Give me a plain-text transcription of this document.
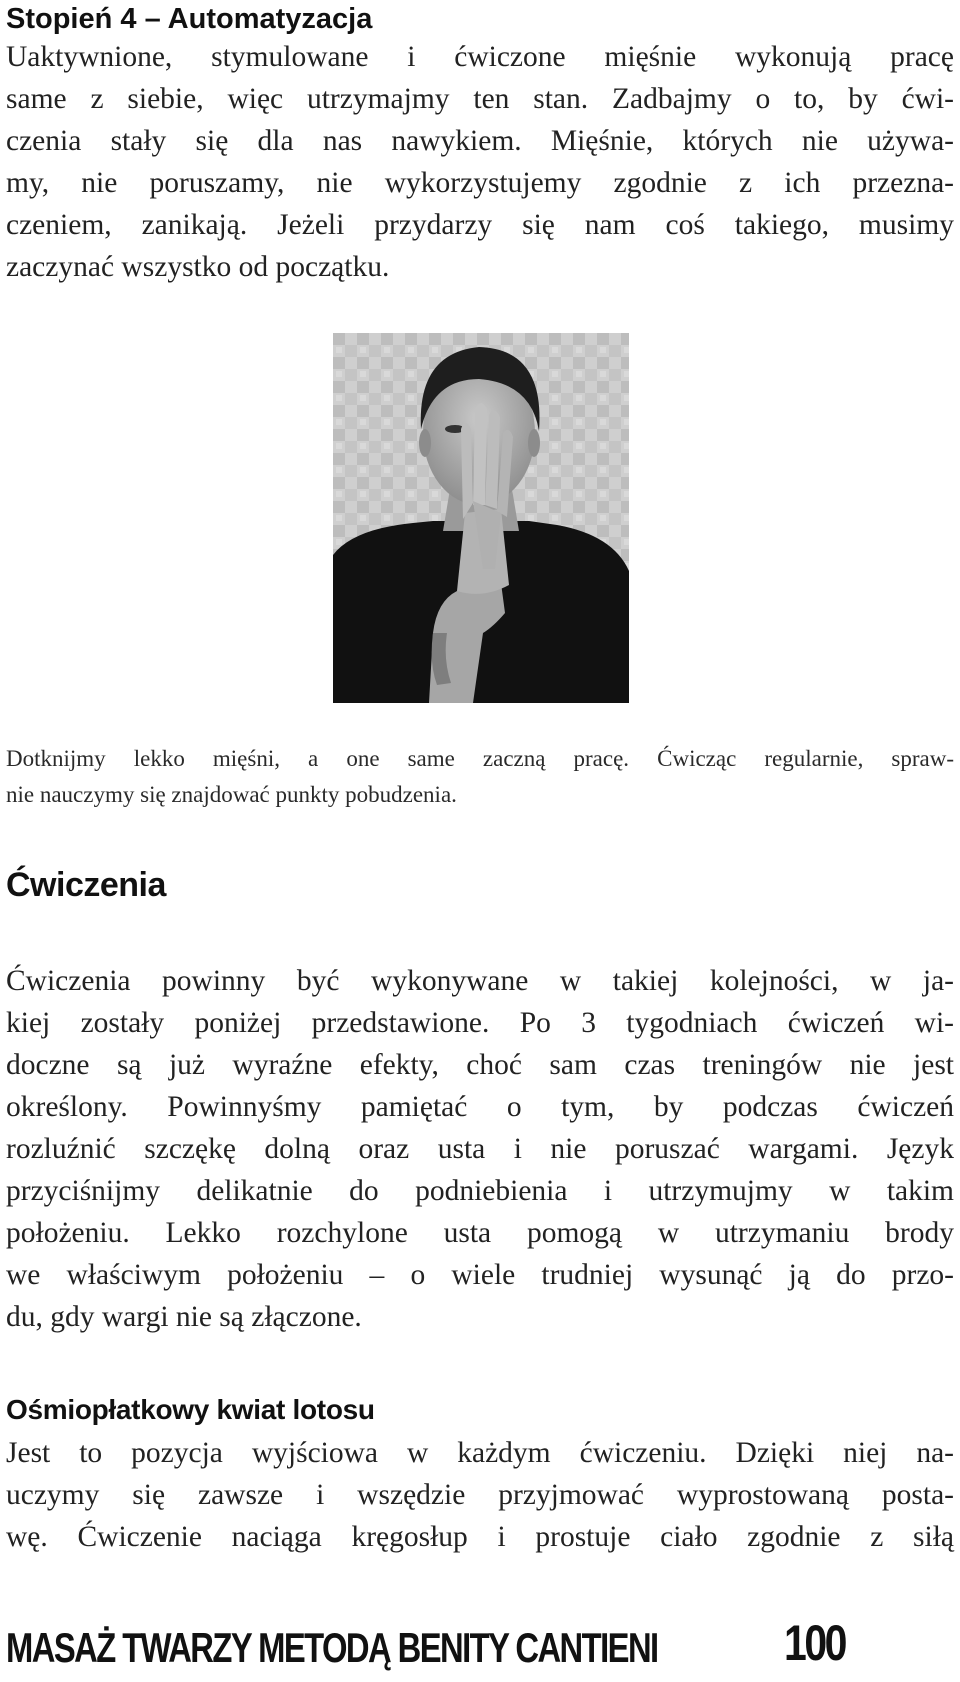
Stopień 4 – Automatyzacja
Uaktywnione, stymulowane i ćwiczone mięśnie wykonują pracę
same z siebie, więc utrzymajmy ten stan. Zadbajmy o to, by ćwi-
czenia stały się dla nas nawykiem. Mięśnie, których nie używa-
my, nie poruszamy, nie wykorzystujemy zgodnie z ich przezna-
czeniem, zanikają. Jeżeli przydarzy się nam coś takiego, musimy
zaczynać wszystko od początku.
Dotknijmy lekko mięśni, a one same zaczną pracę. Ćwicząc regularnie, spraw-
nie nauczymy się znajdować punkty pobudzenia.
Ćwiczenia
Ćwiczenia powinny być wykonywane w takiej kolejności, w ja-
kiej zostały poniżej przedstawione. Po 3 tygodniach ćwiczeń wi-
doczne są już wyraźne efekty, choć sam czas treningów nie jest
określony. Powinnyśmy pamiętać o tym, by podczas ćwiczeń
rozluźnić szczękę dolną oraz usta i nie poruszać wargami. Język
przyciśnijmy delikatnie do podniebienia i utrzymujmy w takim
położeniu. Lekko rozchylone usta pomogą w utrzymaniu brody
we właściwym położeniu – o wiele trudniej wysunąć ją do przo-
du, gdy wargi nie są złączone.
Ośmiopłatkowy kwiat lotosu
Jest to pozycja wyjściowa w każdym ćwiczeniu. Dzięki niej na-
uczymy się zawsze i wszędzie przyjmować wyprostowaną posta-
wę. Ćwiczenie naciąga kręgosłup i prostuje ciało zgodnie z siłą
MASAŻ TWARZY METODĄ BENITY CANTIENI	100
